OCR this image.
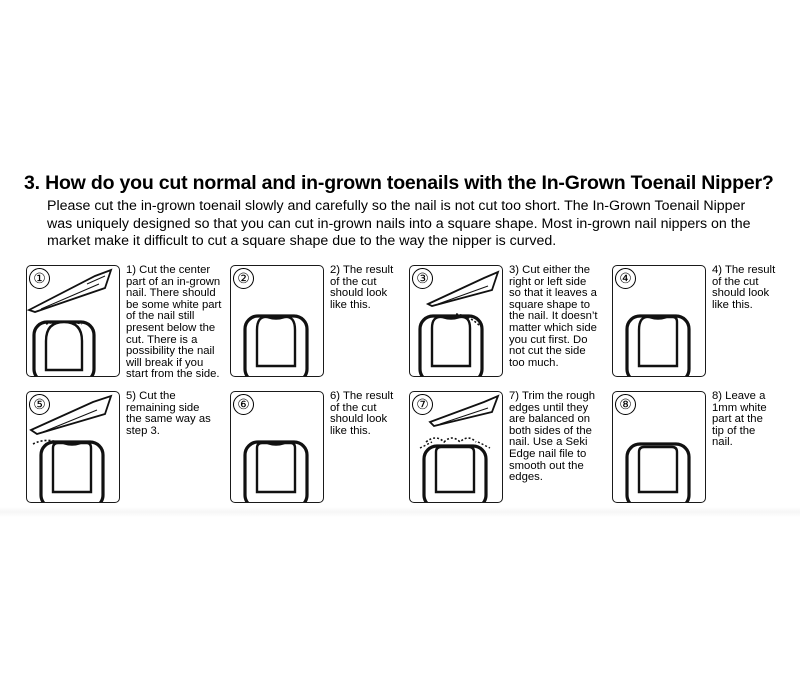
3. How do you cut normal and in-grown toenails with the In-Grown Toenail Nipper?

Please cut the in-grown toenail slowly and carefully so the nail is not cut too short. The In-Grown Toenail Nipper
was uniquely designed so that you can cut in-grown nails into a square shape. Most in-grown nail nippers on the
market make it difficult to cut a square shape due to the way the nipper is curved.

①	1) Cut the center
part of an in-grown
nail. There should
be some white part
of the nail still
present below the
cut. There is a
possibility the nail
will break if you
start from the side.

②	2) The result
of the cut
should look
like this.

③	3) Cut either the
right or left side
so that it leaves a
square shape to
the nail. It doesn’t
matter which side
you cut first. Do
not cut the side
too much.

④	4) The result
of the cut
should look
like this.

⑤	5) Cut the
remaining side
the same way as
step 3.

⑥	6) The result
of the cut
should look
like this.

⑦	7) Trim the rough
edges until they
are balanced on
both sides of the
nail. Use a Seki
Edge nail file to
smooth out the
edges.

⑧	8) Leave a
1mm white
part at the
tip of the
nail.
